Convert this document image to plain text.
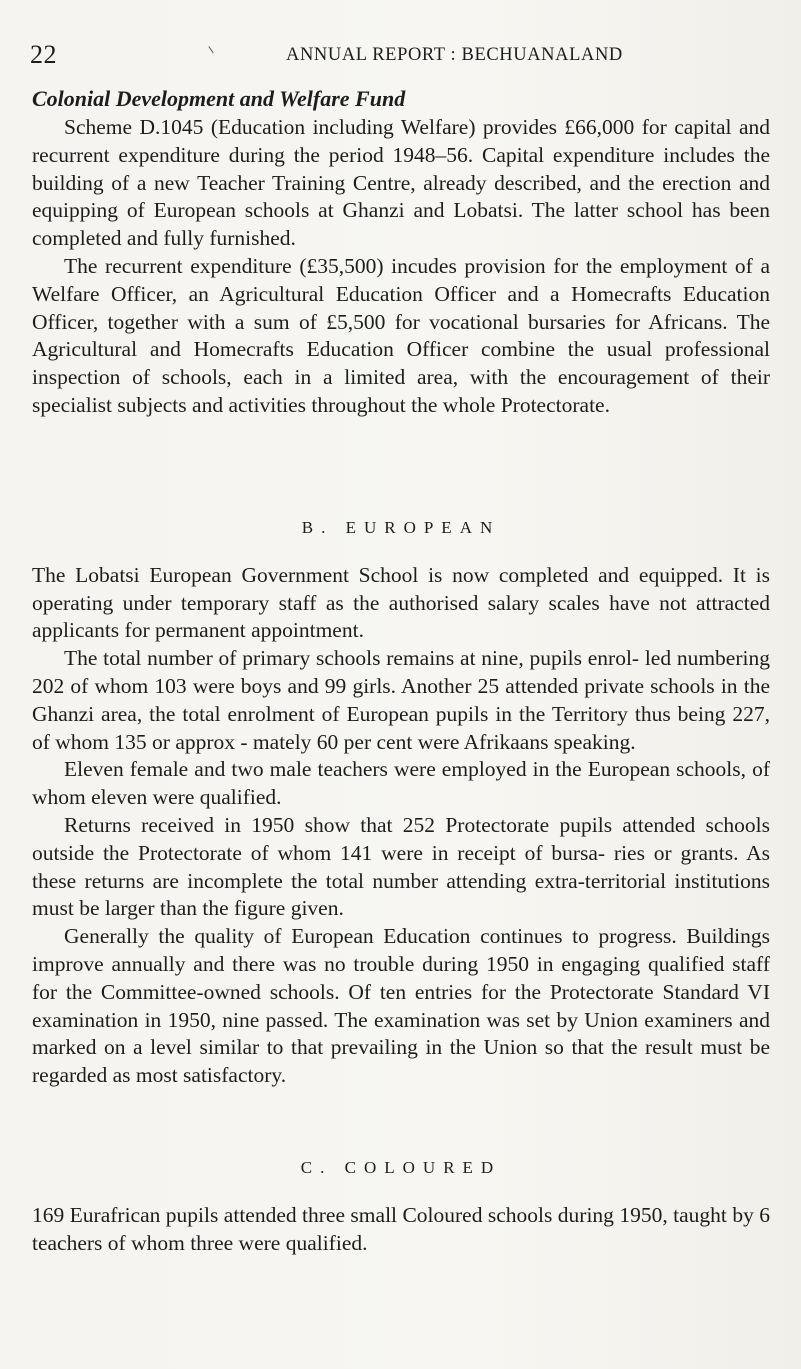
22	ANNUAL REPORT : BECHUANALAND
Colonial Development and Welfare Fund

Scheme D.1045 (Education including Welfare) provides £66,000 for capital and recurrent expenditure during the period 1948–56. Capital expenditure includes the building of a new Teacher Training Centre, already described, and the erection and equipping of European schools at Ghanzi and Lobatsi. The latter school has been completed and fully furnished.

The recurrent expenditure (£35,500) incudes provision for the employment of a Welfare Officer, an Agricultural Education Officer and a Homecrafts Education Officer, together with a sum of £5,500 for vocational bursaries for Africans. The Agricultural and Homecrafts Education Officer combine the usual professional inspection of schools, each in a limited area, with the encouragement of their specialist subjects and activities throughout the whole Protectorate.

B. EUROPEAN

The Lobatsi European Government School is now completed and equipped. It is operating under temporary staff as the authorised salary scales have not attracted applicants for permanent appointment.

The total number of primary schools remains at nine, pupils enrol- led numbering 202 of whom 103 were boys and 99 girls. Another 25 attended private schools in the Ghanzi area, the total enrolment of European pupils in the Territory thus being 227, of whom 135 or approx - mately 60 per cent were Afrikaans speaking.

Eleven female and two male teachers were employed in the European schools, of whom eleven were qualified.

Returns received in 1950 show that 252 Protectorate pupils attended schools outside the Protectorate of whom 141 were in receipt of bursa- ries or grants. As these returns are incomplete the total number attending extra-territorial institutions must be larger than the figure given.

Generally the quality of European Education continues to progress. Buildings improve annually and there was no trouble during 1950 in engaging qualified staff for the Committee-owned schools. Of ten entries for the Protectorate Standard VI examination in 1950, nine passed. The examination was set by Union examiners and marked on a level similar to that prevailing in the Union so that the result must be regarded as most satisfactory.

C. COLOURED

169 Eurafrican pupils attended three small Coloured schools during 1950, taught by 6 teachers of whom three were qualified.
